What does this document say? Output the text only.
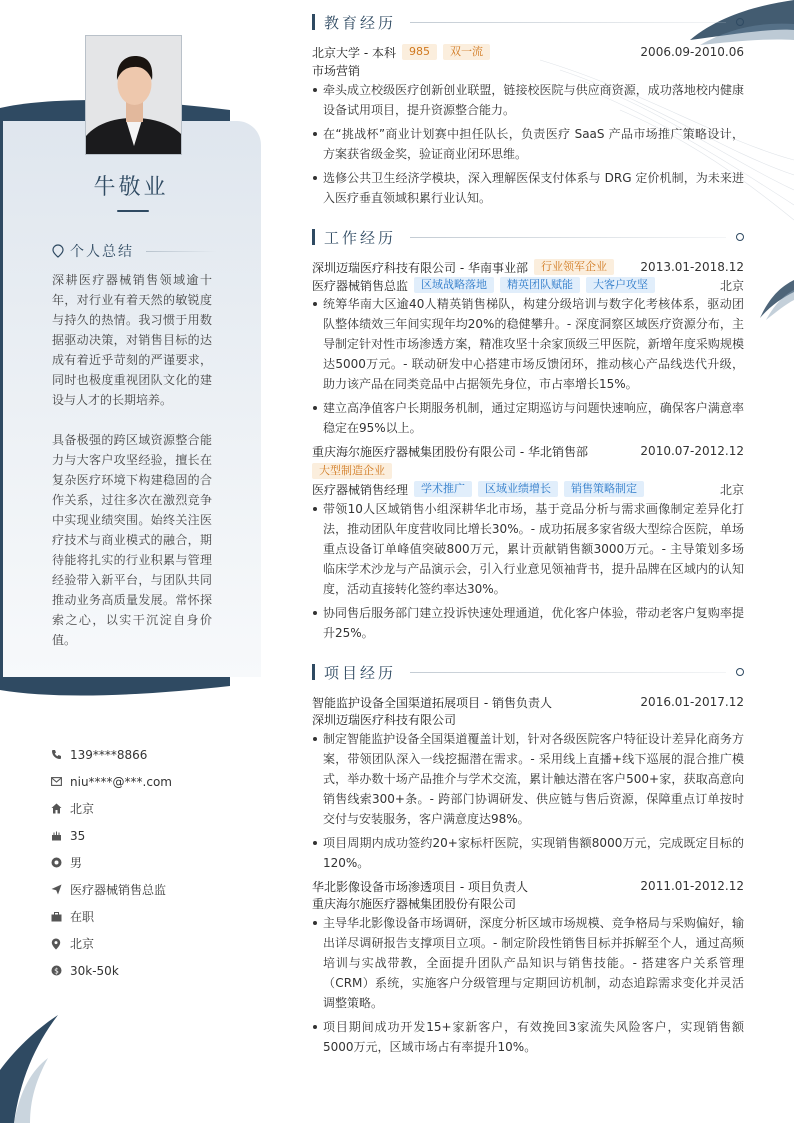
牛敬业
个人总结

深耕医疗器械销售领域逾十年，对行业有着天然的敏锐度与持久的热情。我习惯于用数据驱动决策，对销售目标的达成有着近乎苛刻的严谨要求，同时也极度重视团队文化的建设与人才的长期培养。

具备极强的跨区域资源整合能力与大客户攻坚经验，擅长在复杂医疗环境下构建稳固的合作关系，过往多次在激烈竞争中实现业绩突围。始终关注医疗技术与商业模式的融合，期待能将扎实的行业积累与管理经验带入新平台，与团队共同推动业务高质量发展。常怀探索之心，以实干沉淀自身价值。

139****8866
niu****@***.com
北京
35
男
医疗器械销售总监
在职
北京
$ 30k-50k
教育经历
北京大学 - 本科	985	双一流	2006.09-2010.06
市场营销
牵头成立校级医疗创新创业联盟，链接校医院与供应商资源，成功落地校内健康设备试用项目，提升资源整合能力。
在“挑战杯”商业计划赛中担任队长，负责医疗 SaaS 产品市场推广策略设计，方案获省级金奖，验证商业闭环思维。
选修公共卫生经济学模块，深入理解医保支付体系与 DRG 定价机制，为未来进入医疗垂直领域积累行业认知。
工作经历
深圳迈瑞医疗科技有限公司 - 华南事业部	行业领军企业	2013.01-2018.12
医疗器械销售总监	区域战略落地	精英团队赋能	大客户攻坚	北京
统筹华南大区逾40人精英销售梯队，构建分级培训与数字化考核体系，驱动团队整体绩效三年间实现年均20%的稳健攀升。- 深度洞察区域医疗资源分布，主导制定针对性市场渗透方案，精准攻坚十余家顶级三甲医院，新增年度采购规模达5000万元。- 联动研发中心搭建市场反馈闭环，推动核心产品线迭代升级，助力该产品在同类竞品中占据领先身位，市占率增长15%。
建立高净值客户长期服务机制，通过定期巡访与问题快速响应，确保客户满意率稳定在95%以上。
重庆海尔施医疗器械集团股份有限公司 - 华北销售部	2010.07-2012.12
大型制造企业
医疗器械销售经理	学术推广	区域业绩增长	销售策略制定	北京
带领10人区域销售小组深耕华北市场，基于竞品分析与需求画像制定差异化打法，推动团队年度营收同比增长30%。- 成功拓展多家省级大型综合医院，单场重点设备订单峰值突破800万元，累计贡献销售额3000万元。- 主导策划多场临床学术沙龙与产品演示会，引入行业意见领袖背书，提升品牌在区域内的认知度，活动直接转化签约率达30%。
协同售后服务部门建立投诉快速处理通道，优化客户体验，带动老客户复购率提升25%。
项目经历
智能监护设备全国渠道拓展项目 - 销售负责人	2016.01-2017.12
深圳迈瑞医疗科技有限公司
制定智能监护设备全国渠道覆盖计划，针对各级医院客户特征设计差异化商务方案，带领团队深入一线挖掘潜在需求。- 采用线上直播+线下巡展的混合推广模式，举办数十场产品推介与学术交流，累计触达潜在客户500+家，获取高意向销售线索300+条。- 跨部门协调研发、供应链与售后资源，保障重点订单按时交付与安装服务，客户满意度达98%。
项目周期内成功签约20+家标杆医院，实现销售额8000万元，完成既定目标的120%。
华北影像设备市场渗透项目 - 项目负责人	2011.01-2012.12
重庆海尔施医疗器械集团股份有限公司
主导华北影像设备市场调研，深度分析区域市场规模、竞争格局与采购偏好，输出详尽调研报告支撑项目立项。- 制定阶段性销售目标并拆解至个人，通过高频培训与实战带教，全面提升团队产品知识与销售技能。- 搭建客户关系管理（CRM）系统，实施客户分级管理与定期回访机制，动态追踪需求变化并灵活调整策略。
项目期间成功开发15+家新客户，有效挽回3家流失风险客户，实现销售额5000万元，区域市场占有率提升10%。
